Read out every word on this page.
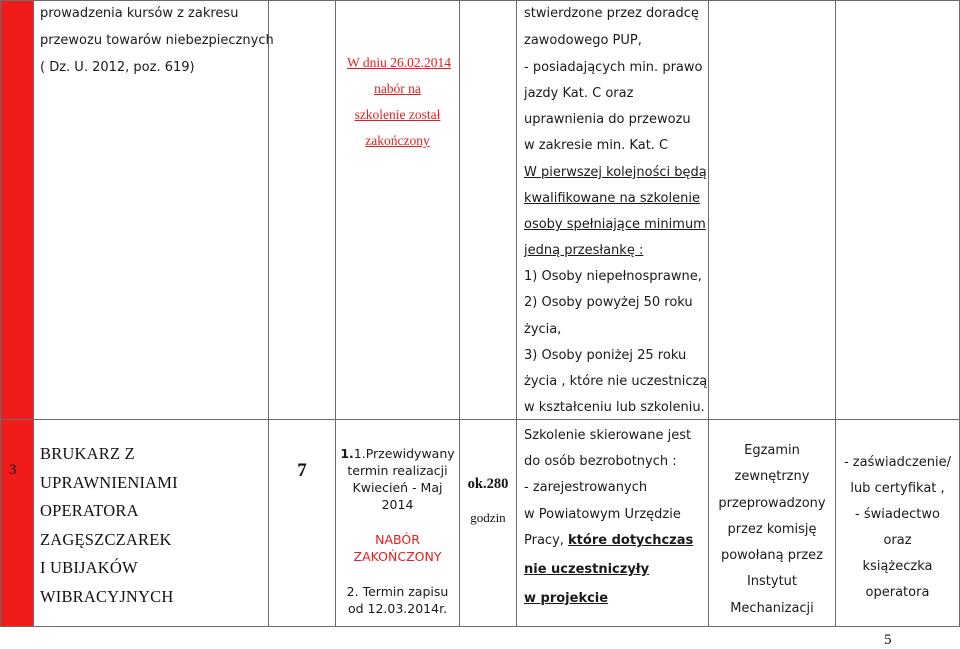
prowadzenia kursów z zakresu
przewozu towarów niebezpiecznych
( Dz. U. 2012, poz. 619)	W dniu 26.02.2014
nabór na
szkolenie został
zakończony
stwierdzone przez doradcę
zawodowego PUP,
- posiadających min. prawo
jazdy Kat. C oraz
uprawnienia do przewozu
w zakresie min. Kat. C
W pierwszej kolejności będą
kwalifikowane na szkolenie
osoby spełniające minimum
jedną przesłankę :
1) Osoby niepełnosprawne,
2) Osoby powyżej 50 roku
życia,
3) Osoby poniżej 25 roku
życia , które nie uczestniczą
w kształceniu lub szkoleniu.
3
BRUKARZ Z
UPRAWNIENIAMI
OPERATORA
ZAGĘSZCZAREK
I UBIJAKÓW
WIBRACYJNYCH
7
1.1.Przewidywany
termin realizacji
Kwiecień - Maj
2014
NABÓR
ZAKOŃCZONY
2. Termin zapisu
od 12.03.2014r.
ok.280
godzin
Szkolenie skierowane jest
do osób bezrobotnych :
- zarejestrowanych
w Powiatowym Urzędzie
Pracy, które dotychczas
nie uczestniczyły
w projekcie
Egzamin
zewnętrzny
przeprowadzony
przez komisję
powołaną przez
Instytut
Mechanizacji
- zaświadczenie/
lub certyfikat ,
- świadectwo
oraz
książeczka
operatora
5
